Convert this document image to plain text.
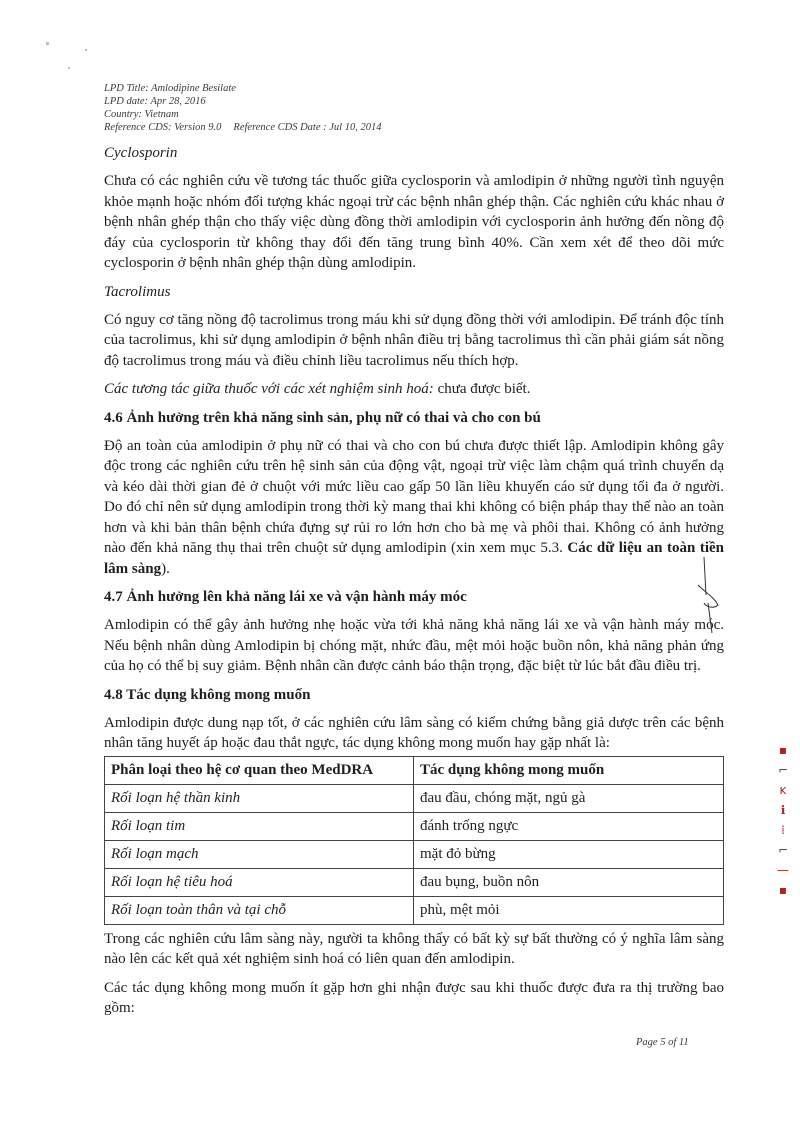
LPD Title: Amlodipine Besilate
LPD date: Apr 28, 2016
Country: Vietnam
Reference CDS: Version 9.0 Reference CDS Date : Jul 10, 2014
Cyclosporin

Chưa có các nghiên cứu về tương tác thuốc giữa cyclosporin và amlodipin ở những người tình nguyện khỏe mạnh hoặc nhóm đối tượng khác ngoại trừ các bệnh nhân ghép thận. Các nghiên cứu khác nhau ở bệnh nhân ghép thận cho thấy việc dùng đồng thời amlodipin với cyclosporin ảnh hưởng đến nồng độ đáy của cyclosporin từ không thay đổi đến tăng trung bình 40%. Cần xem xét để theo dõi mức cyclosporin ở bệnh nhân ghép thận dùng amlodipin.

Tacrolimus

Có nguy cơ tăng nồng độ tacrolimus trong máu khi sử dụng đồng thời với amlodipin. Để tránh độc tính của tacrolimus, khi sử dụng amlodipin ở bệnh nhân điều trị bằng tacrolimus thì cần phải giám sát nồng độ tacrolimus trong máu và điều chỉnh liều tacrolimus nếu thích hợp.

Các tương tác giữa thuốc với các xét nghiệm sinh hoá: chưa được biết.

4.6 Ảnh hưởng trên khả năng sinh sản, phụ nữ có thai và cho con bú

Độ an toàn của amlodipin ở phụ nữ có thai và cho con bú chưa được thiết lập. Amlodipin không gây độc trong các nghiên cứu trên hệ sinh sản của động vật, ngoại trừ việc làm chậm quá trình chuyển dạ và kéo dài thời gian đẻ ở chuột với mức liều cao gấp 50 lần liều khuyến cáo sử dụng tối đa ở người. Do đó chỉ nên sử dụng amlodipin trong thời kỳ mang thai khi không có biện pháp thay thế nào an toàn hơn và khi bản thân bệnh chứa đựng sự rủi ro lớn hơn cho bà mẹ và phôi thai. Không có ảnh hưởng nào đến khả năng thụ thai trên chuột sử dụng amlodipin (xin xem mục 5.3. Các dữ liệu an toàn tiền lâm sàng).

4.7 Ảnh hưởng lên khả năng lái xe và vận hành máy móc

Amlodipin có thể gây ảnh hưởng nhẹ hoặc vừa tới khả năng khả năng lái xe và vận hành máy móc. Nếu bệnh nhân dùng Amlodipin bị chóng mặt, nhức đầu, mệt mỏi hoặc buồn nôn, khả năng phản ứng của họ có thể bị suy giảm. Bệnh nhân cần được cảnh báo thận trọng, đặc biệt từ lúc bắt đầu điều trị.

4.8 Tác dụng không mong muốn

Amlodipin được dung nạp tốt, ở các nghiên cứu lâm sàng có kiểm chứng bằng giả dược trên các bệnh nhân tăng huyết áp hoặc đau thắt ngực, tác dụng không mong muốn hay gặp nhất là:

Phân loại theo hệ cơ quan theo MedDRA	Tác dụng không mong muốn
Rối loạn hệ thần kinh	đau đầu, chóng mặt, ngủ gà
Rối loạn tim	đánh trống ngực
Rối loạn mạch	mặt đỏ bừng
Rối loạn hệ tiêu hoá	đau bụng, buồn nôn
Rối loạn toàn thân và tại chỗ	phù, mệt mỏi

Trong các nghiên cứu lâm sàng này, người ta không thấy có bất kỳ sự bất thường có ý nghĩa lâm sàng nào lên các kết quả xét nghiệm sinh hoá có liên quan đến amlodipin.

Các tác dụng không mong muốn ít gặp hơn ghi nhận được sau khi thuốc được đưa ra thị trường bao gồm:

▪
⌐
ĸ
ℹ
⁞
⌐
—
▪
Page 5 of 11
